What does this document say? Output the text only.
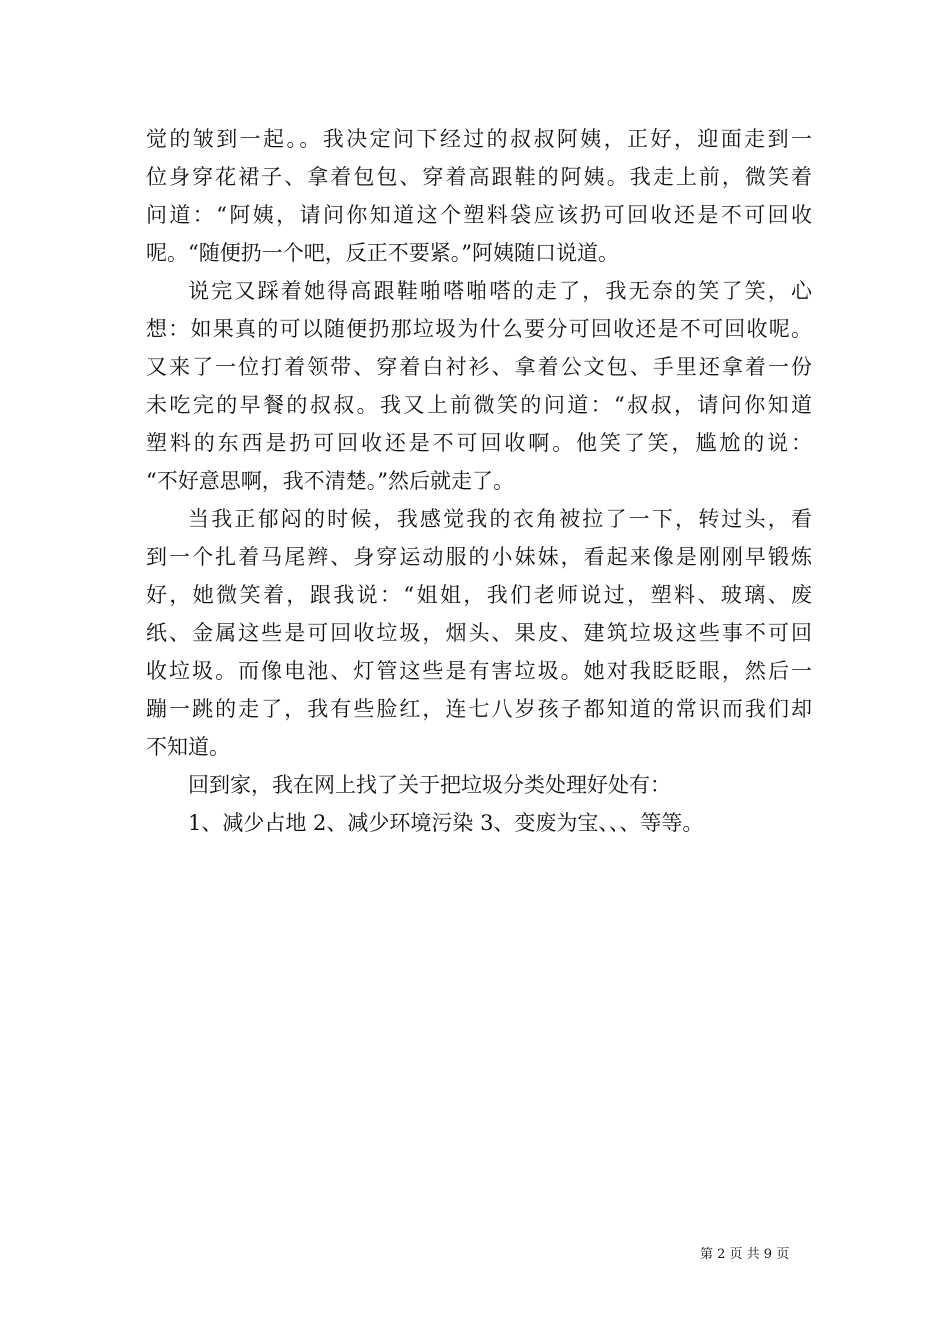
觉的皱到一起。。我决定问下经过的叔叔阿姨，正好，迎面走到一
位身穿花裙子、拿着包包、穿着高跟鞋的阿姨。我走上前，微笑着
问道：“阿姨，请问你知道这个塑料袋应该扔可回收还是不可回收
呢。“随便扔一个吧，反正不要紧。”阿姨随口说道。
说完又踩着她得高跟鞋啪嗒啪嗒的走了，我无奈的笑了笑，心
想：如果真的可以随便扔那垃圾为什么要分可回收还是不可回收呢。
又来了一位打着领带、穿着白衬衫、拿着公文包、手里还拿着一份
未吃完的早餐的叔叔。我又上前微笑的问道：“叔叔，请问你知道
塑料的东西是扔可回收还是不可回收啊。他笑了笑，尴尬的说：
“不好意思啊，我不清楚。”然后就走了。
当我正郁闷的时候，我感觉我的衣角被拉了一下，转过头，看
到一个扎着马尾辫、身穿运动服的小妹妹，看起来像是刚刚早锻炼
好，她微笑着，跟我说：“姐姐，我们老师说过，塑料、玻璃、废
纸、金属这些是可回收垃圾，烟头、果皮、建筑垃圾这些事不可回
收垃圾。而像电池、灯管这些是有害垃圾。她对我眨眨眼，然后一
蹦一跳的走了，我有些脸红，连七八岁孩子都知道的常识而我们却
不知道。
回到家，我在网上找了关于把垃圾分类处理好处有：
1、减少占地 2、减少环境污染 3、变废为宝、、、等等。
第 2 页 共 9 页
